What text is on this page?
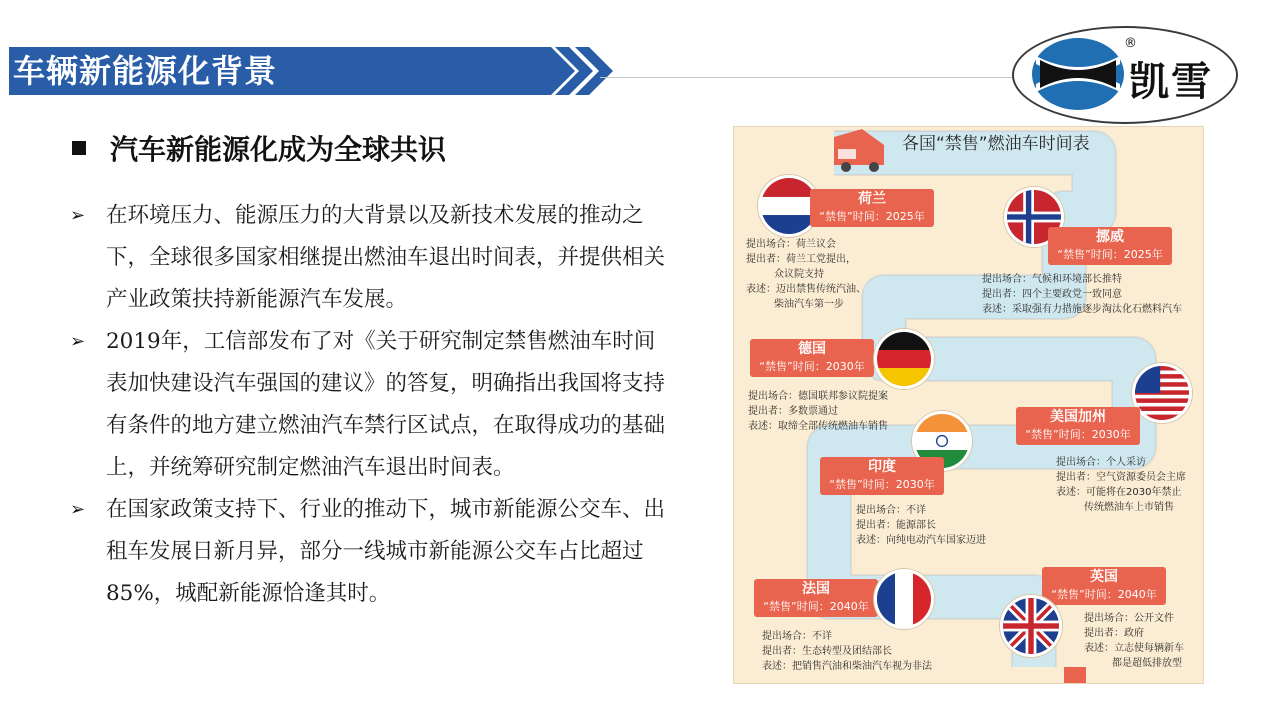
车辆新能源化背景
®
凯雪
汽车新能源化成为全球共识
➢ 在环境压力、能源压力的大背景以及新技术发展的推动之下，全球很多国家相继提出燃油车退出时间表，并提供相关产业政策扶持新能源汽车发展。
➢ 2019年，工信部发布了对《关于研究制定禁售燃油车时间表加快建设汽车强国的建议》的答复，明确指出我国将支持有条件的地方建立燃油汽车禁行区试点，在取得成功的基础上，并统筹研究制定燃油汽车退出时间表。
➢ 在国家政策支持下、行业的推动下，城市新能源公交车、出租车发展日新月异，部分一线城市新能源公交车占比超过85%，城配新能源恰逢其时。
各国“禁售”燃油车时间表
荷兰
“禁售”时间：2025年
提出场合：荷兰议会
提出者：荷兰工党提出，
众议院支持
表述：迈出禁售传统汽油、
柴油汽车第一步
挪威
“禁售”时间：2025年
提出场合：气候和环境部长推特
提出者：四个主要政党一致同意
表述：采取强有力措施逐步淘汰化石燃料汽车
德国
“禁售”时间：2030年
提出场合：德国联邦参议院提案
提出者：多数票通过
表述：取缔全部传统燃油车销售
美国加州
“禁售”时间：2030年
提出场合：个人采访
提出者：空气资源委员会主席
表述：可能将在2030年禁止
传统燃油车上市销售
印度
“禁售”时间：2030年
提出场合：不详
提出者：能源部长
表述：向纯电动汽车国家迈进
法国
“禁售”时间：2040年
提出场合：不详
提出者：生态转型及团结部长
表述：把销售汽油和柴油汽车视为非法
英国
“禁售”时间：2040年
提出场合：公开文件
提出者：政府
表述：立志使每辆新车
都是超低排放型
